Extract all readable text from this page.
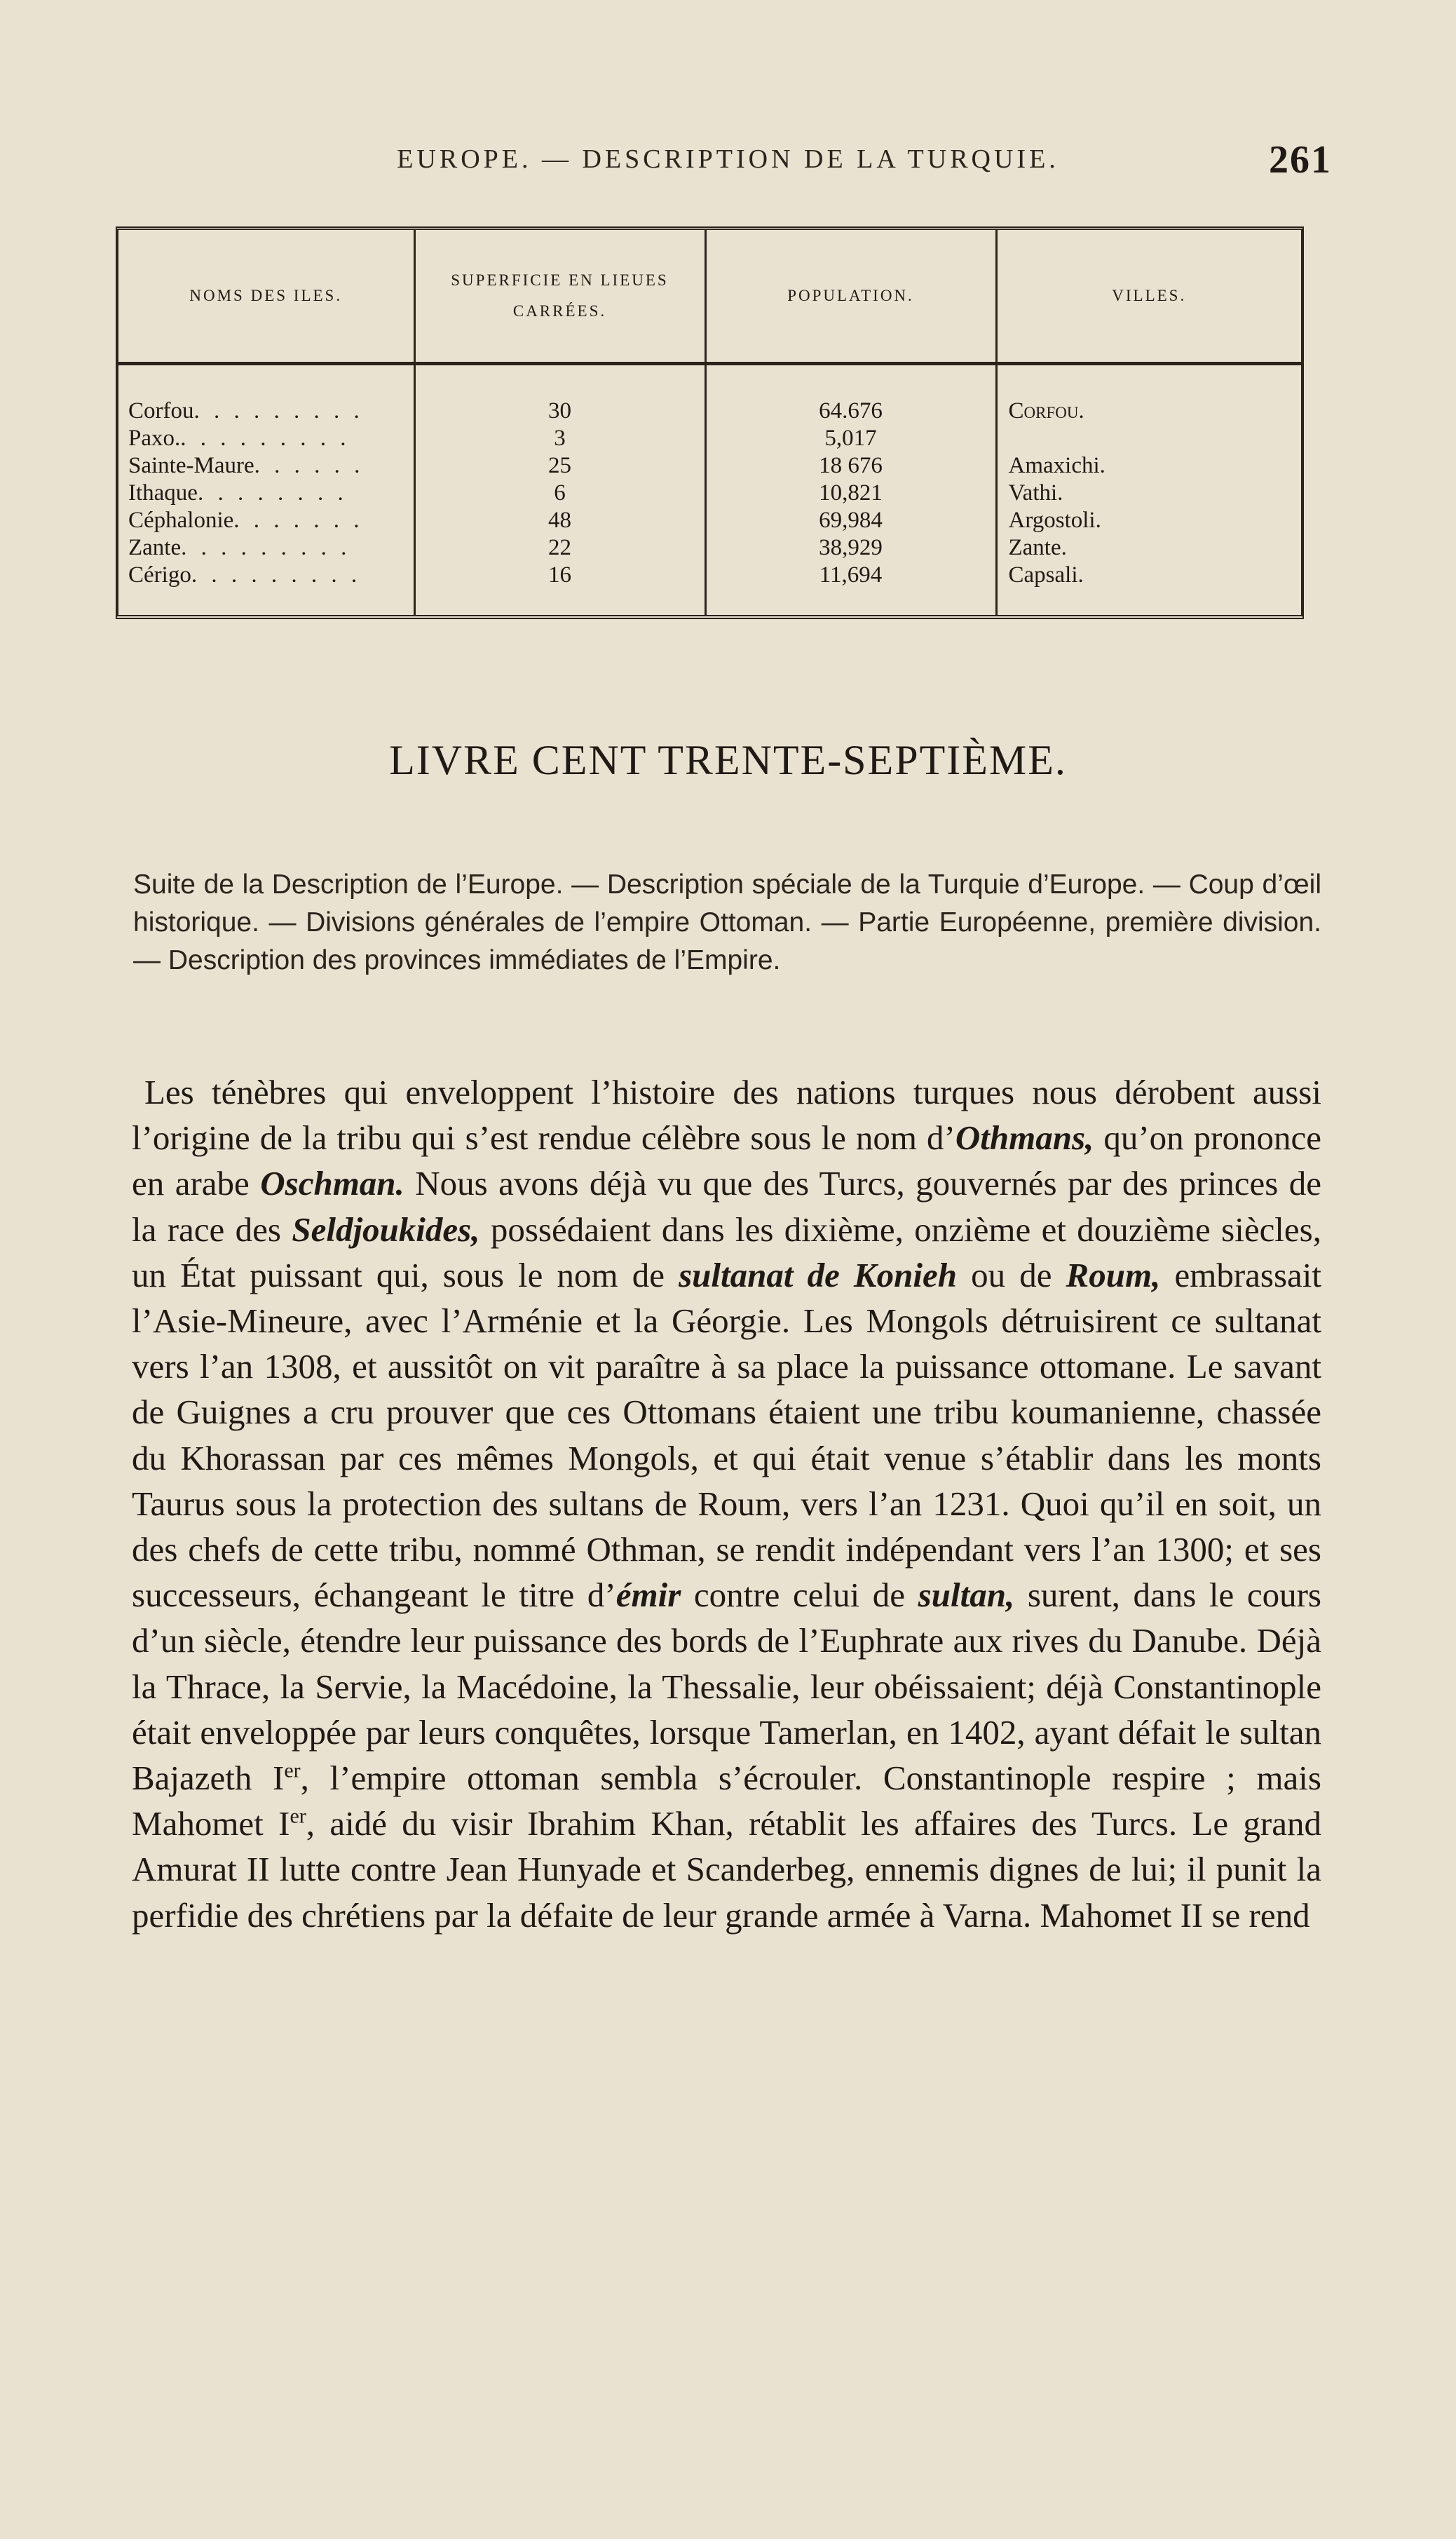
EUROPE. — DESCRIPTION DE LA TURQUIE.	261
NOMS DES ILES.	SUPERFICIE EN LIEUES CARRÉES.	POPULATION.	VILLES.
Corfou. . . . . . . . .	30	64.676	Corfou.
Paxo.. . . . . . . . .	3	5,017	
Sainte-Maure. . . . . .	25	18 676	Amaxichi.
Ithaque. . . . . . . .	6	10,821	Vathi.
Céphalonie. . . . . . .	48	69,984	Argostoli.
Zante. . . . . . . . .	22	38,929	Zante.
Cérigo. . . . . . . . .	16	11,694	Capsali.
LIVRE CENT TRENTE-SEPTIÈME.
Suite de la Description de l’Europe. — Description spéciale de la Turquie d’Europe. — Coup d’œil historique. — Divisions générales de l’empire Ottoman. — Partie Européenne, première division. — Description des provinces immédiates de l’Empire.
Les ténèbres qui enveloppent l’histoire des nations turques nous dérobent aussi l’origine de la tribu qui s’est rendue célèbre sous le nom d’Othmans, qu’on prononce en arabe Oschman. Nous avons déjà vu que des Turcs, gouvernés par des princes de la race des Seldjoukides, possédaient dans les dixième, onzième et douzième siècles, un État puissant qui, sous le nom de sultanat de Konieh ou de Roum, embrassait l’Asie-Mineure, avec l’Arménie et la Géorgie. Les Mongols détruisirent ce sultanat vers l’an 1308, et aussitôt on vit paraître à sa place la puissance ottomane. Le savant de Guignes a cru prouver que ces Ottomans étaient une tribu koumanienne, chassée du Khorassan par ces mêmes Mongols, et qui était venue s’établir dans les monts Taurus sous la protection des sultans de Roum, vers l’an 1231. Quoi qu’il en soit, un des chefs de cette tribu, nommé Othman, se rendit indépendant vers l’an 1300; et ses successeurs, échangeant le titre d’émir contre celui de sultan, surent, dans le cours d’un siècle, étendre leur puissance des bords de l’Euphrate aux rives du Danube. Déjà la Thrace, la Servie, la Macédoine, la Thessalie, leur obéissaient; déjà Constantinople était enveloppée par leurs conquêtes, lorsque Tamerlan, en 1402, ayant défait le sultan Bajazeth Ier, l’empire ottoman sembla s’écrouler. Constantinople respire ; mais Mahomet Ier, aidé du visir Ibrahim Khan, rétablit les affaires des Turcs. Le grand Amurat II lutte contre Jean Hunyade et Scanderbeg, ennemis dignes de lui; il punit la perfidie des chrétiens par la défaite de leur grande armée à Varna. Mahomet II se rend
